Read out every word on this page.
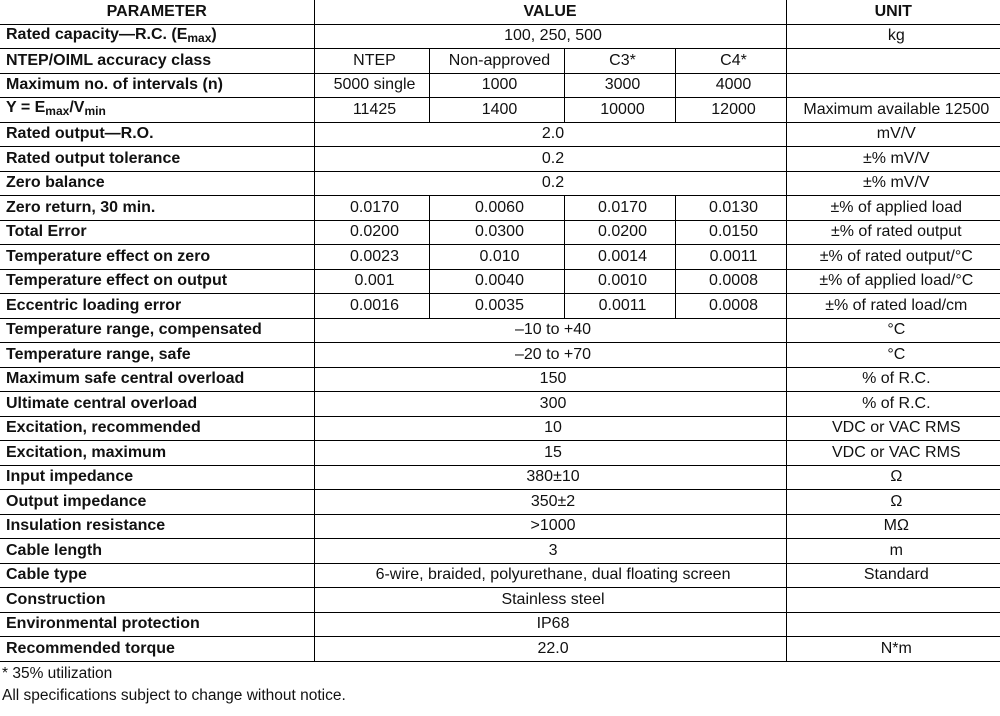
PARAMETER	VALUE				UNIT
Rated capacity—R.C. $(E_{max})$	100, 250, 500				kg
NTEP/OIML accuracy class	NTEP	Non-approved	C3*	C4*	
Maximum no. of intervals (n)	5000 single	1000	3000	4000	
$Y = E_{max}/V_{min}$	11425	1400	10000	12000	Maximum available 12500
Rated output—R.O.	2.0				mV/V
Rated output tolerance	0.2				±% mV/V
Zero balance	0.2				±% mV/V
Zero return, 30 min.	0.0170	0.0060	0.0170	0.0130	±% of applied load
Total Error	0.0200	0.0300	0.0200	0.0150	±% of rated output
Temperature effect on zero	0.0023	0.010	0.0014	0.0011	±% of rated output/°C
Temperature effect on output	0.001	0.0040	0.0010	0.0008	±% of applied load/°C
Eccentric loading error	0.0016	0.0035	0.0011	0.0008	±% of rated load/cm
Temperature range, compensated	–10 to +40				°C
Temperature range, safe	–20 to +70				°C
Maximum safe central overload	150				% of R.C.
Ultimate central overload	300				% of R.C.
Excitation, recommended	10				VDC or VAC RMS
Excitation, maximum	15				VDC or VAC RMS
Input impedance	380±10				Ω
Output impedance	350±2				Ω
Insulation resistance	>1000				MΩ
Cable length	3				m
Cable type	6-wire, braided, polyurethane, dual floating screen				Standard
Construction	Stainless steel				
Environmental protection	IP68				
Recommended torque	22.0				N*m
* 35% utilization
All specifications subject to change without notice.
